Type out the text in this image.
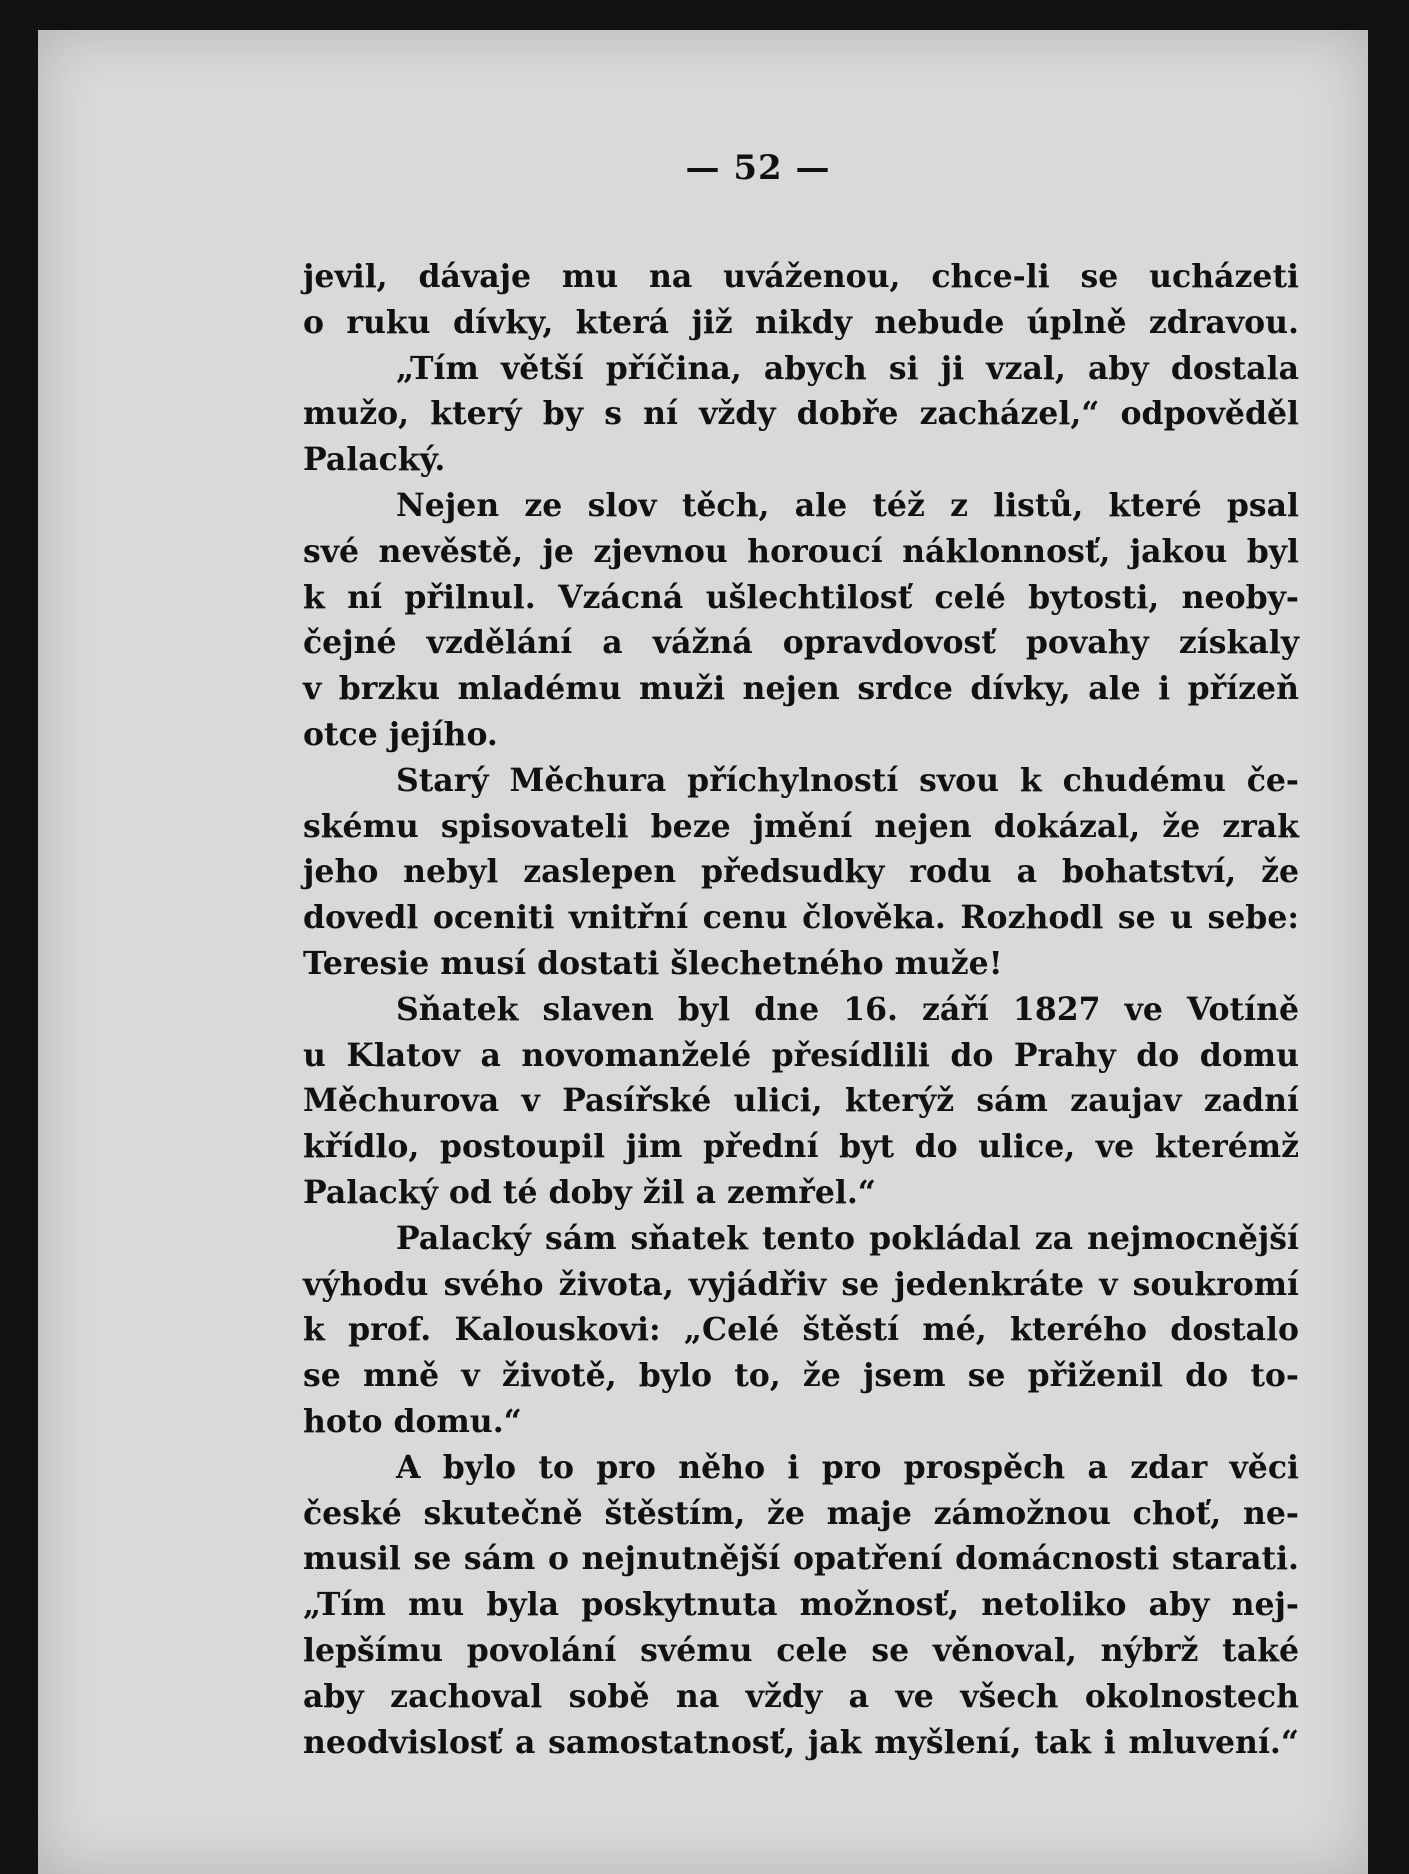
— 52 —
jevil, dávaje mu na uváženou, chce-li se ucházeti
o ruku dívky, která již nikdy nebude úplně zdravou.
„Tím větší příčina, abych si ji vzal, aby dostala
mužo, který by s ní vždy dobře zacházel,“ odpověděl
Palacký.
Nejen ze slov těch, ale též z listů, které psal
své nevěstě, je zjevnou horoucí náklonnosť, jakou byl
k ní přilnul. Vzácná ušlechtilosť celé bytosti, neoby-
čejné vzdělání a vážná opravdovosť povahy získaly
v brzku mladému muži nejen srdce dívky, ale i přízeň
otce jejího.
Starý Měchura příchylností svou k chudému če-
skému spisovateli beze jmění nejen dokázal, že zrak
jeho nebyl zaslepen předsudky rodu a bohatství, že
dovedl oceniti vnitřní cenu člověka. Rozhodl se u sebe:
Teresie musí dostati šlechetného muže!
Sňatek slaven byl dne 16. září 1827 ve Votíně
u Klatov a novomanželé přesídlili do Prahy do domu
Měchurova v Pasířské ulici, kterýž sám zaujav zadní
křídlo, postoupil jim přední byt do ulice, ve kterémž
Palacký od té doby žil a zemřel.“
Palacký sám sňatek tento pokládal za nejmocnější
výhodu svého života, vyjádřiv se jedenkráte v soukromí
k prof. Kalouskovi: „Celé štěstí mé, kterého dostalo
se mně v životě, bylo to, že jsem se přiženil do to-
hoto domu.“
A bylo to pro něho i pro prospěch a zdar věci
české skutečně štěstím, že maje zámožnou choť, ne-
musil se sám o nejnutnější opatření domácnosti starati.
„Tím mu byla poskytnuta možnosť, netoliko aby nej-
lepšímu povolání svému cele se věnoval, nýbrž také
aby zachoval sobě na vždy a ve všech okolnostech
neodvislosť a samostatnosť, jak myšlení, tak i mluvení.“
